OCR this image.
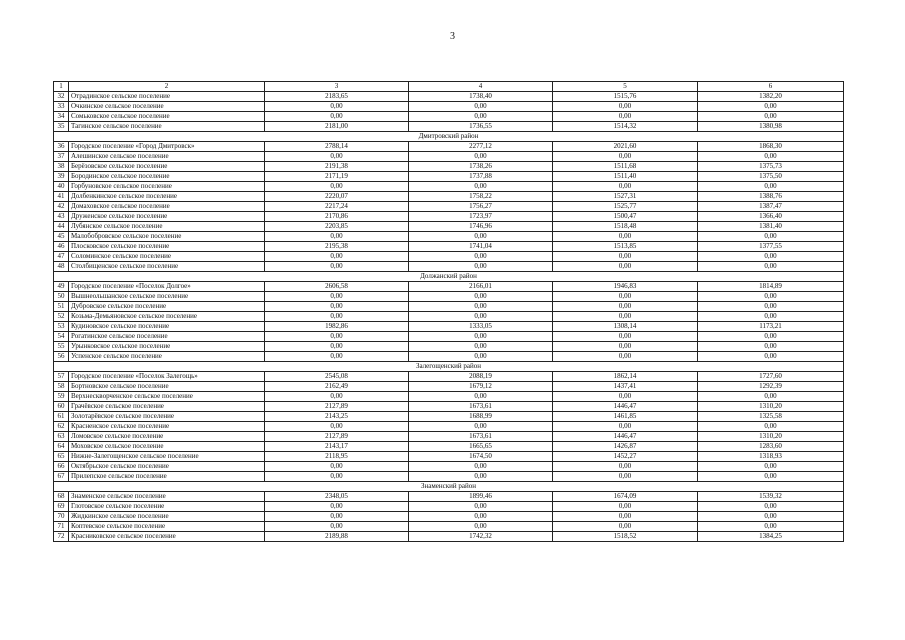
3
1	2	3	4	5	6
32	Отрадинское сельское поселение	2183,65	1738,40	1515,76	1382,20
33	Очкинское сельское поселение	0,00	0,00	0,00	0,00
34	Сомьковское сельское поселение	0,00	0,00	0,00	0,00
35	Тагинское сельское поселение	2181,00	1736,55	1514,32	1380,98
Дмитровский район					
36	Городское поселение «Город Дмитровск»	2788,14	2277,12	2021,60	1868,30
37	Алешинское сельское поселение	0,00	0,00	0,00	0,00
38	Берёзовское сельское поселение	2191,38	1738,26	1511,68	1375,73
39	Бородинское сельское поселение	2171,19	1737,88	1511,40	1375,50
40	Горбуновское сельское поселение	0,00	0,00	0,00	0,00
41	Долбенкинское сельское поселение	2220,07	1758,22	1527,31	1388,76
42	Домаховское сельское поселение	2217,24	1756,27	1525,77	1387,47
43	Друженское сельское поселение	2170,86	1723,97	1500,47	1366,40
44	Лубянское сельское поселение	2203,85	1746,96	1518,48	1381,40
45	Малобобровское сельское поселение	0,00	0,00	0,00	0,00
46	Плосковское сельское поселение	2195,38	1741,04	1513,85	1377,55
47	Соломинское сельское поселение	0,00	0,00	0,00	0,00
48	Столбищенское сельское поселение	0,00	0,00	0,00	0,00
Должанский район					
49	Городское поселение «Поселок Долгое»	2606,58	2166,01	1946,83	1814,89
50	Вышнеольшанское сельское поселение	0,00	0,00	0,00	0,00
51	Дубровское сельское поселение	0,00	0,00	0,00	0,00
52	Козьма-Демьяновское сельское поселение	0,00	0,00	0,00	0,00
53	Кудиновское сельское поселение	1982,86	1333,05	1308,14	1173,21
54	Рогатинское сельское поселение	0,00	0,00	0,00	0,00
55	Урынковское сельское поселение	0,00	0,00	0,00	0,00
56	Успенское сельское поселение	0,00	0,00	0,00	0,00
Залегощенский район					
57	Городское поселение «Поселок Залегощь»	2545,08	2088,19	1862,14	1727,60
58	Бортновское сельское поселение	2162,49	1679,12	1437,41	1292,39
59	Верхнескворченское сельское поселение	0,00	0,00	0,00	0,00
60	Грачёвское сельское поселение	2127,89	1673,61	1446,47	1310,20
61	Золотарёвское сельское поселение	2143,25	1688,99	1461,85	1325,58
62	Красненское сельское поселение	0,00	0,00	0,00	0,00
63	Ломовское сельское поселение	2127,89	1673,61	1446,47	1310,20
64	Моховское сельское поселение	2143,17	1665,65	1426,87	1283,60
65	Нижне-Залегощенское сельское поселение	2118,95	1674,50	1452,27	1318,93
66	Октябрьское сельское поселение	0,00	0,00	0,00	0,00
67	Прилепское сельское поселение	0,00	0,00	0,00	0,00
Знаменский район					
68	Знаменское сельское поселение	2348,05	1899,46	1674,09	1539,32
69	Глотовское сельское поселение	0,00	0,00	0,00	0,00
70	Жидкинское сельское поселение	0,00	0,00	0,00	0,00
71	Коптевское сельское поселение	0,00	0,00	0,00	0,00
72	Красниковское сельское поселение	2189,88	1742,32	1518,52	1384,25
